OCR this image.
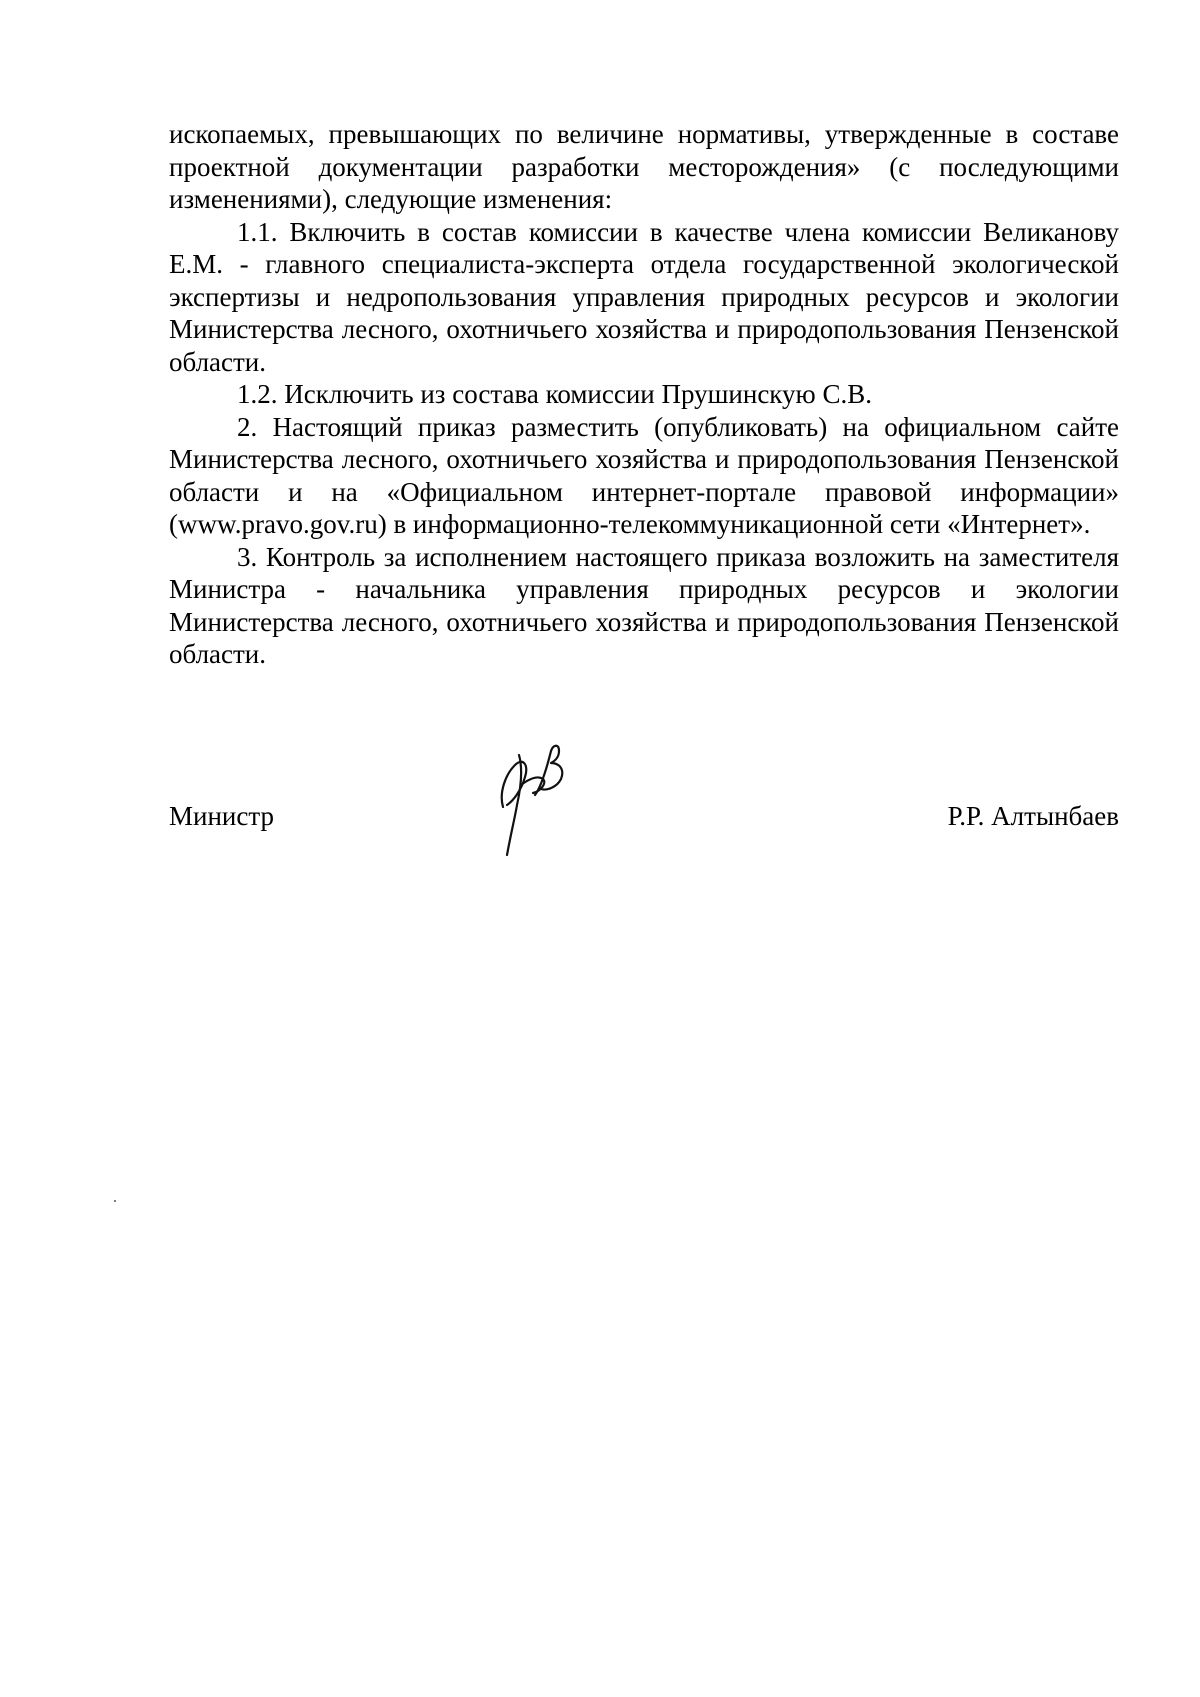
ископаемых, превышающих по величине нормативы, утвержденные в составе проектной документации разработки месторождения» (с последующими изменениями), следующие изменения:

1.1. Включить в состав комиссии в качестве члена комиссии Великанову Е.М. - главного специалиста-эксперта отдела государственной экологической экспертизы и недропользования управления природных ресурсов и экологии Министерства лесного, охотничьего хозяйства и природопользования Пензенской области.

1.2. Исключить из состава комиссии Прушинскую С.В.

2. Настоящий приказ разместить (опубликовать) на официальном сайте Министерства лесного, охотничьего хозяйства и природопользования Пензенской области и на «Официальном интернет-портале правовой информации» (www.pravo.gov.ru) в информационно-телекоммуникационной сети «Интернет».

3. Контроль за исполнением настоящего приказа возложить на заместителя Министра - начальника управления природных ресурсов и экологии Министерства лесного, охотничьего хозяйства и природопользования Пензенской области.

Министр	Р.Р. Алтынбаев
